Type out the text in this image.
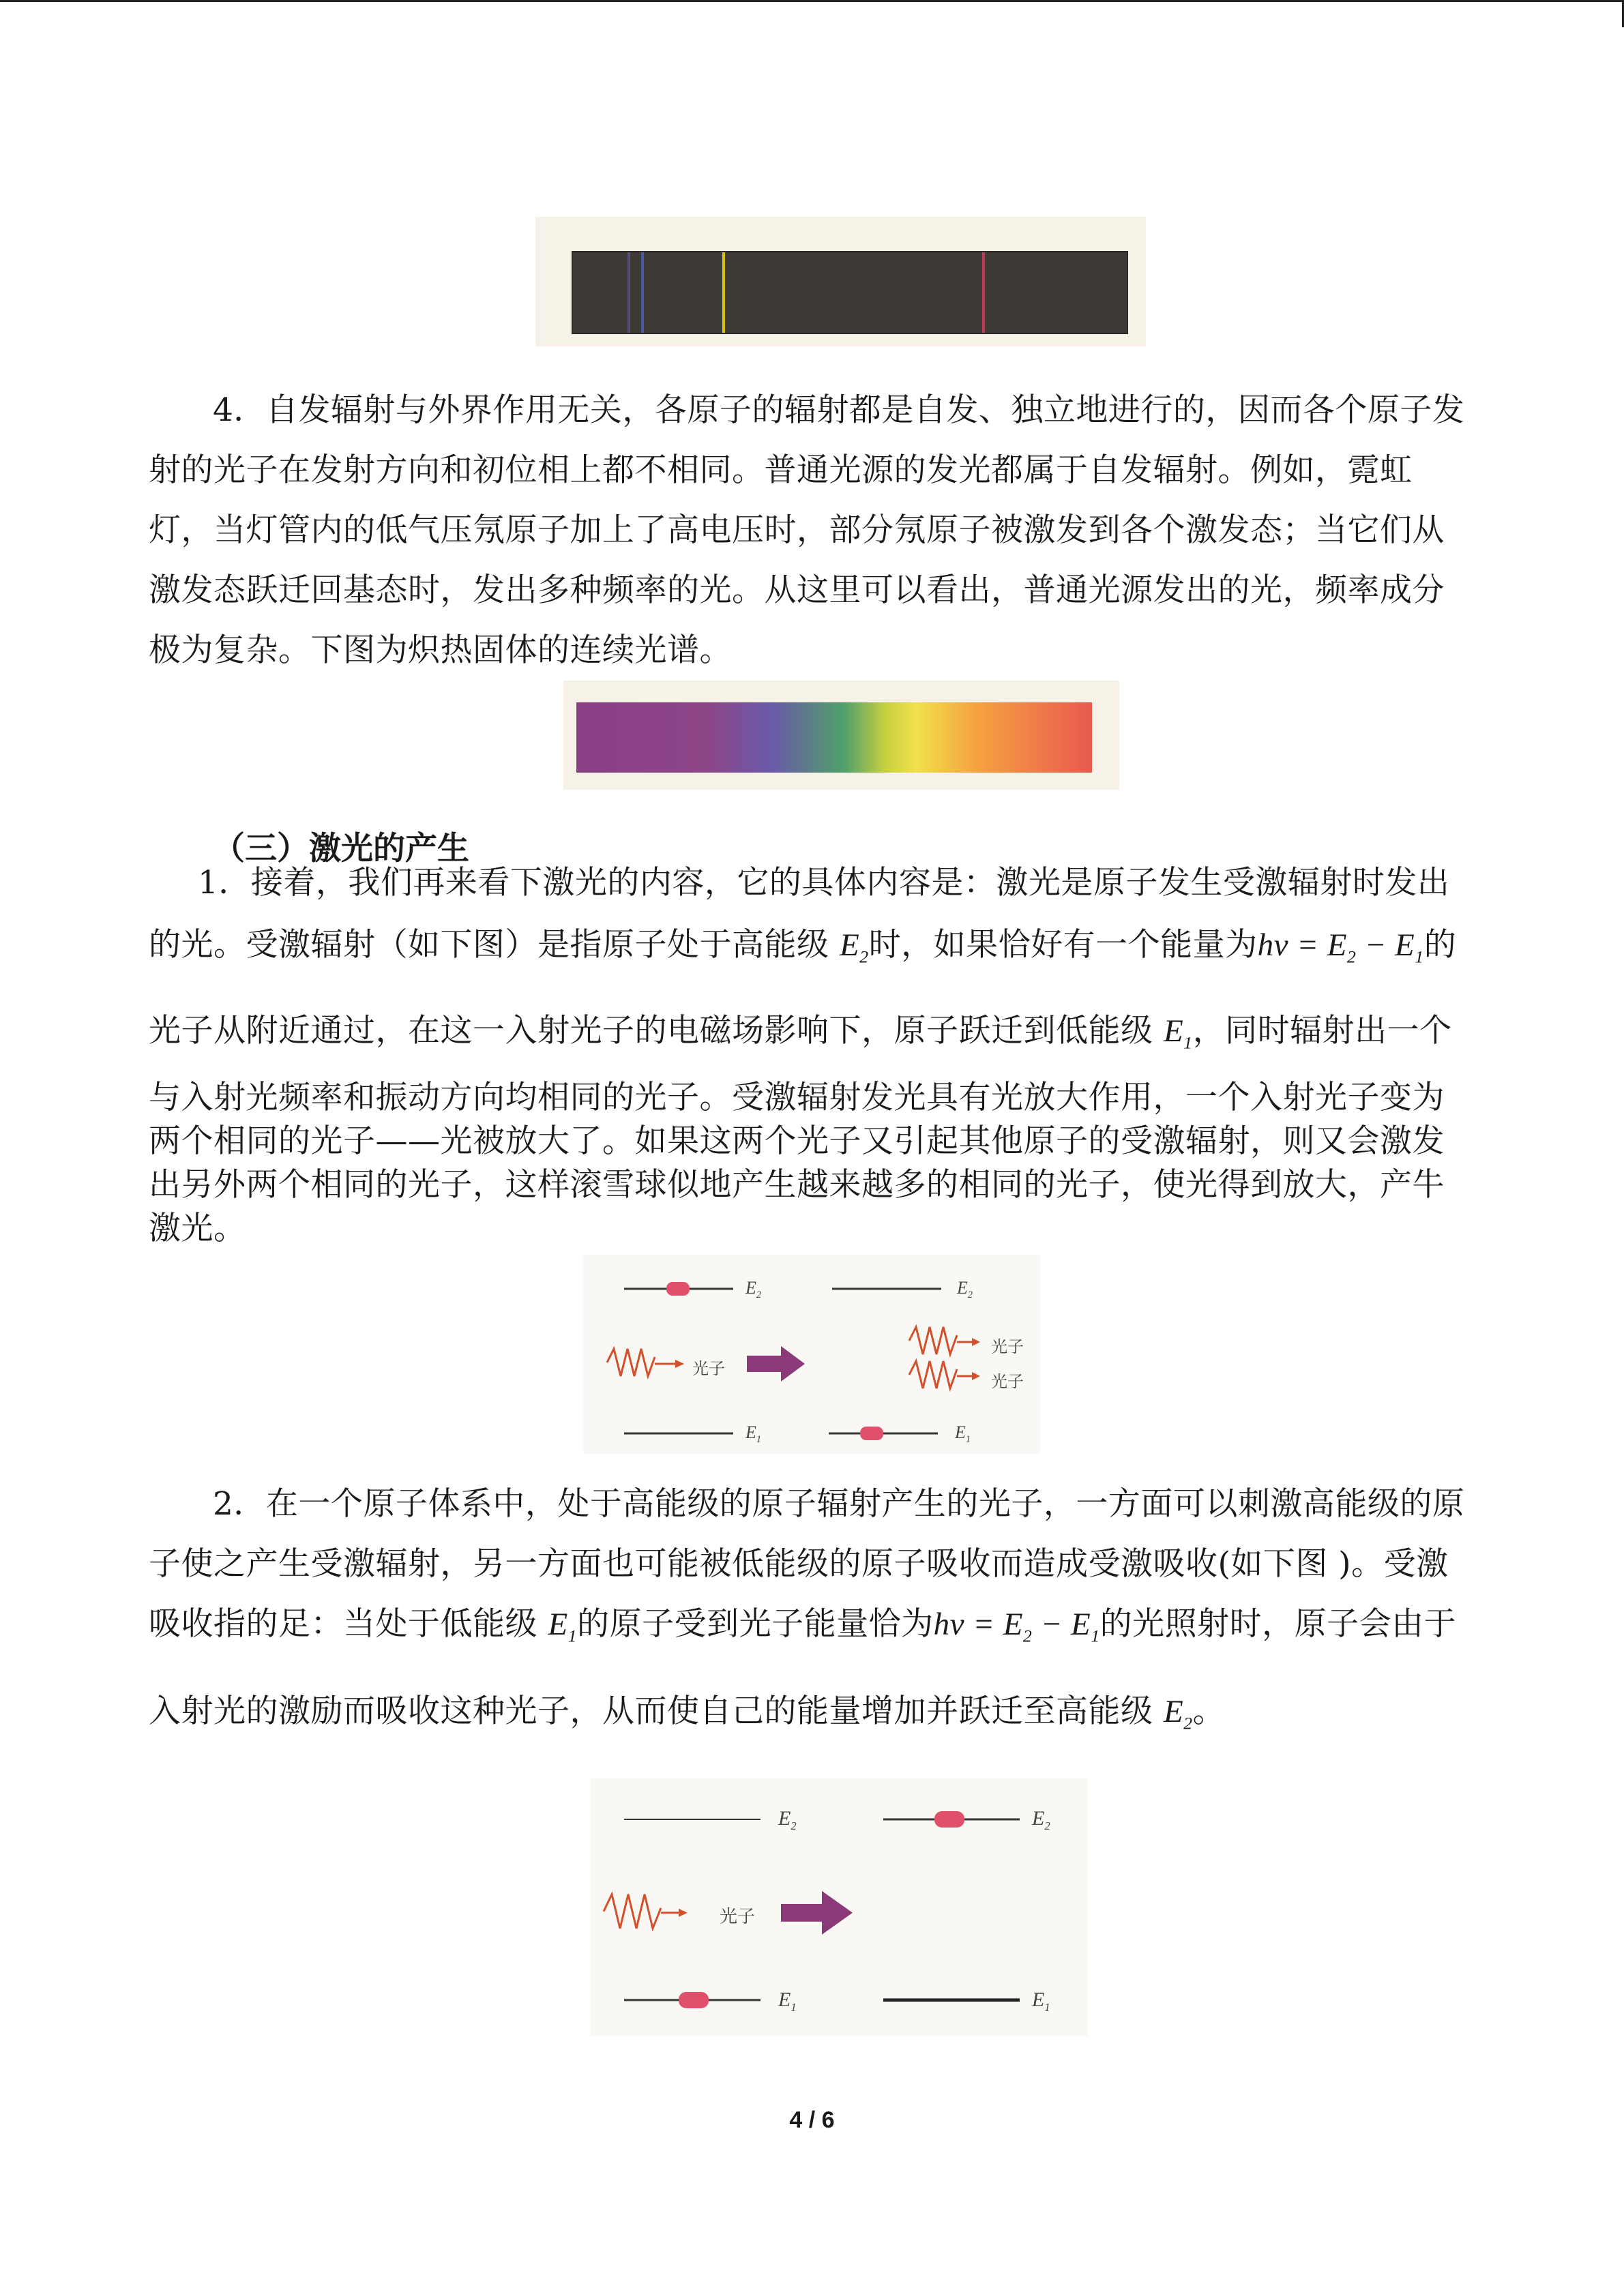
4．自发辐射与外界作用无关，各原子的辐射都是自发、独立地进行的，因而各个原子发
射的光子在发射方向和初位相上都不相同。普通光源的发光都属于自发辐射。例如，霓虹
灯，当灯管内的低气压氖原子加上了高电压时，部分氖原子被激发到各个激发态；当它们从
激发态跃迁回基态时，发出多种频率的光。从这里可以看出，普通光源发出的光，频率成分
极为复杂。下图为炽热固体的连续光谱。
（三）激光的产生
1．接着，我们再来看下激光的内容，它的具体内容是：激光是原子发生受激辐射时发出
的光。受激辐射（如下图）是指原子处于高能级 $E_2$时，如果恰好有一个能量为$h\nu = E_2 - E_1$的
光子从附近通过，在这一入射光子的电磁场影响下，原子跃迁到低能级 $E_1$，同时辐射出一个
与入射光频率和振动方向均相同的光子。受激辐射发光具有光放大作用，一个入射光子变为
两个相同的光子——光被放大了。如果这两个光子又引起其他原子的受激辐射，则又会激发
出另外两个相同的光子，这样滚雪球似地产生越来越多的相同的光子，使光得到放大，产牛
激光。
$E_2$	$E_2$
$E_1$	$E_1$
光子
光子
光子
2．在一个原子体系中，处于高能级的原子辐射产生的光子，一方面可以刺激高能级的原
子使之产生受激辐射，另一方面也可能被低能级的原子吸收而造成受激吸收(如下图 )。受激
吸收指的足：当处于低能级 $E_1$的原子受到光子能量恰为$h\nu = E_2 - E_1$的光照射时，原子会由于
入射光的激励而吸收这种光子，从而使自己的能量增加并跃迁至高能级 $E_2$。
$E_2$	$E_2$
$E_1$	$E_1$
光子
4 / 6
